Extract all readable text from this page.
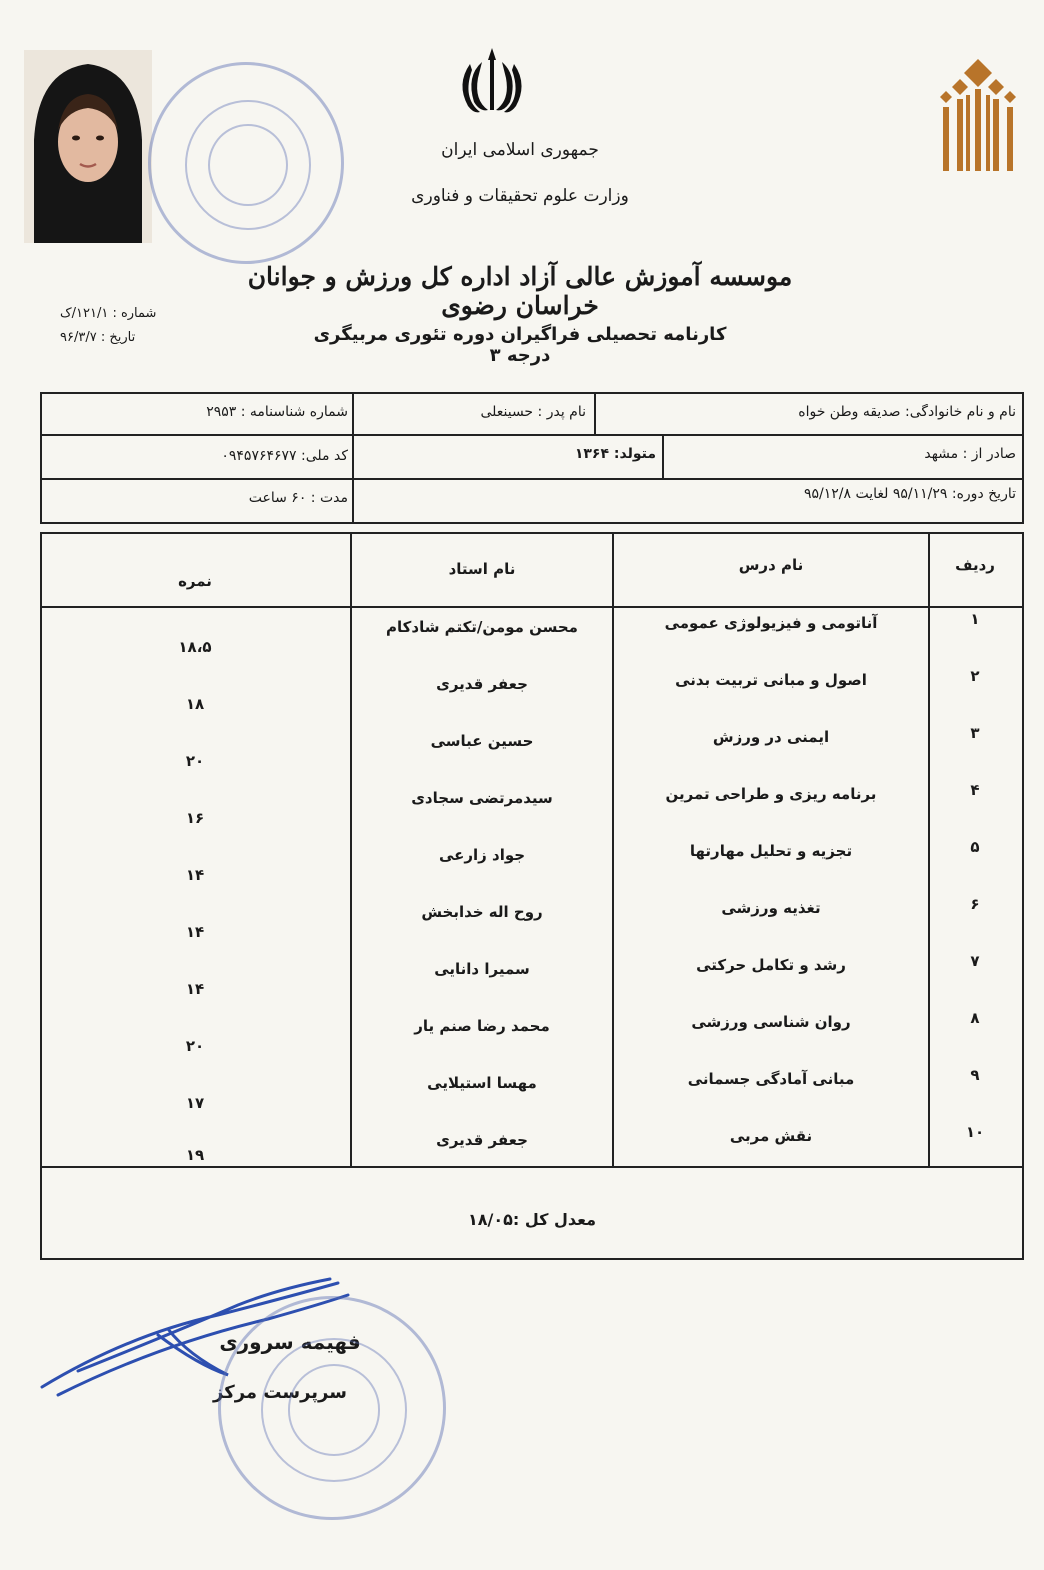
جمهوری اسلامی ایران
وزارت علوم تحقیقات و فناوری
شماره : ۱۲۱/۱/ک
تاریخ : ۹۶/۳/۷
موسسه آموزش عالی آزاد اداره کل ورزش و جوانان خراسان رضوی
کارنامه تحصیلی فراگیران دوره تئوری مربیگری درجه ۳
نام و نام خانوادگی: صدیقه وطن خواه
نام پدر : حسینعلی
شماره شناسنامه : ۲۹۵۳
صادر از : مشهد
متولد: ۱۳۶۴
کد ملی: ۰۹۴۵۷۶۴۶۷۷
تاریخ دوره: ۹۵/۱۱/۲۹ لغایت ۹۵/۱۲/۸
مدت : ۶۰ ساعت
ردیف
نام درس
نام استاد
نمره
۱
آناتومی و فیزیولوژی عمومی
محسن مومن/تکتم شادکام
۱۸،۵
۲
اصول و مبانی تربیت بدنی
جعفر قدیری
۱۸
۳
ایمنی در ورزش
حسین عباسی
۲۰
۴
برنامه ریزی و طراحی تمرین
سیدمرتضی سجادی
۱۶
۵
تجزیه و تحلیل مهارتها
جواد زارعی
۱۴
۶
تغذیه ورزشی
روح اله خدابخش
۱۴
۷
رشد و تکامل حرکتی
سمیرا دانایی
۱۴
۸
روان شناسی ورزشی
محمد رضا صنم یار
۲۰
۹
مبانی آمادگی جسمانی
مهسا استیلایی
۱۷
۱۰
نقش مربی
جعفر قدیری
۱۹
معدل کل :۱۸/۰۵
فهیمه سروری
سرپرست مرکز
